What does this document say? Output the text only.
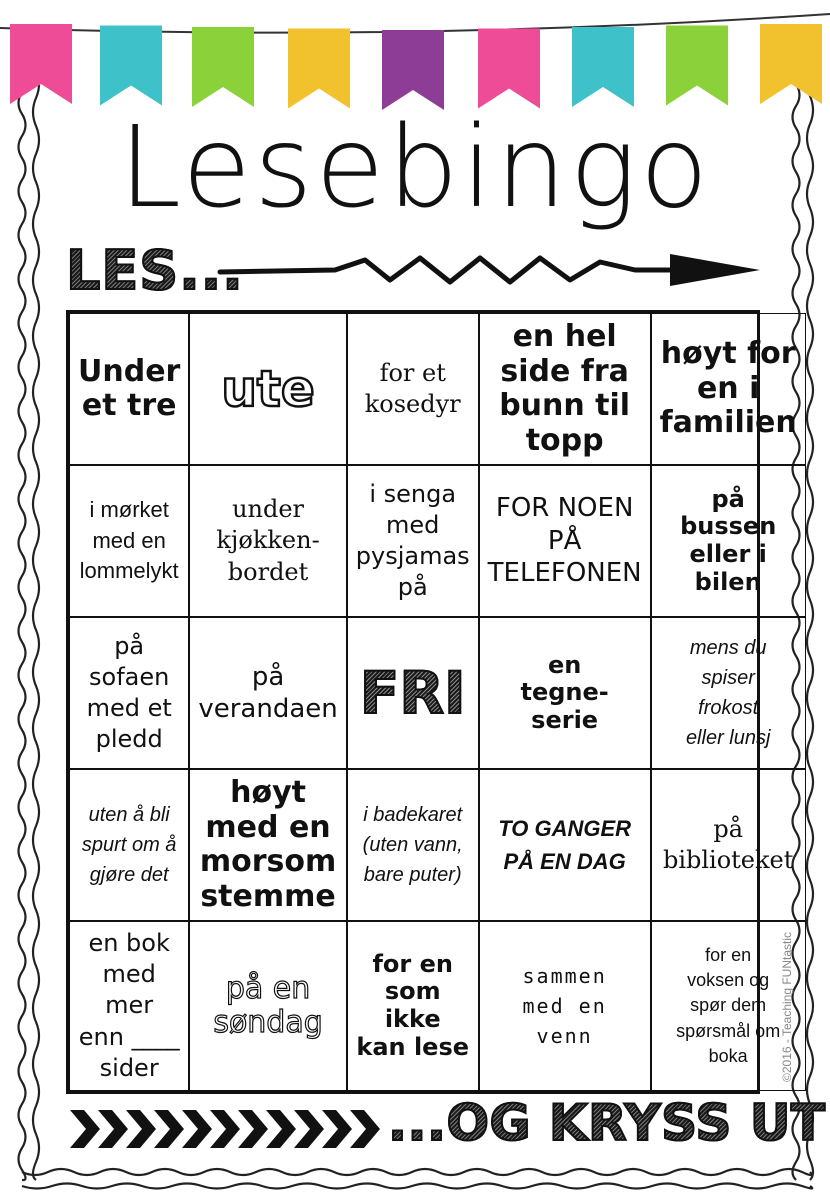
Lesebingo
LES...
Under
et tre ute	for et
kosedyr
en hel
side fra
bunn til
topp
høyt for
en i
familien
i mørket
med en
lommelykt
under
kjøkken-
bordet
i senga
med
pysjamas
på
FOR NOEN
PÅ
TELEFONEN
på bussen
eller i bilen
på
sofaen
med et
pledd
på
verandaen FRI	en
tegne-
serie
mens du
spiser
frokost
eller lunsj
uten å bli
spurt om å
gjøre det
høyt
med en
morsom
stemme
i badekaret
(uten vann,
bare puter)
TO GANGER
PÅ EN DAG
på
biblioteket
en bok
med mer
enn ____
sider
på en
søndag
for en
som ikke
kan lese
sammen
med en
venn
for en
voksen og
spør dem
spørsmål om
boka
...OG KRYSS UT
©2016 - Teaching FUNtastic
